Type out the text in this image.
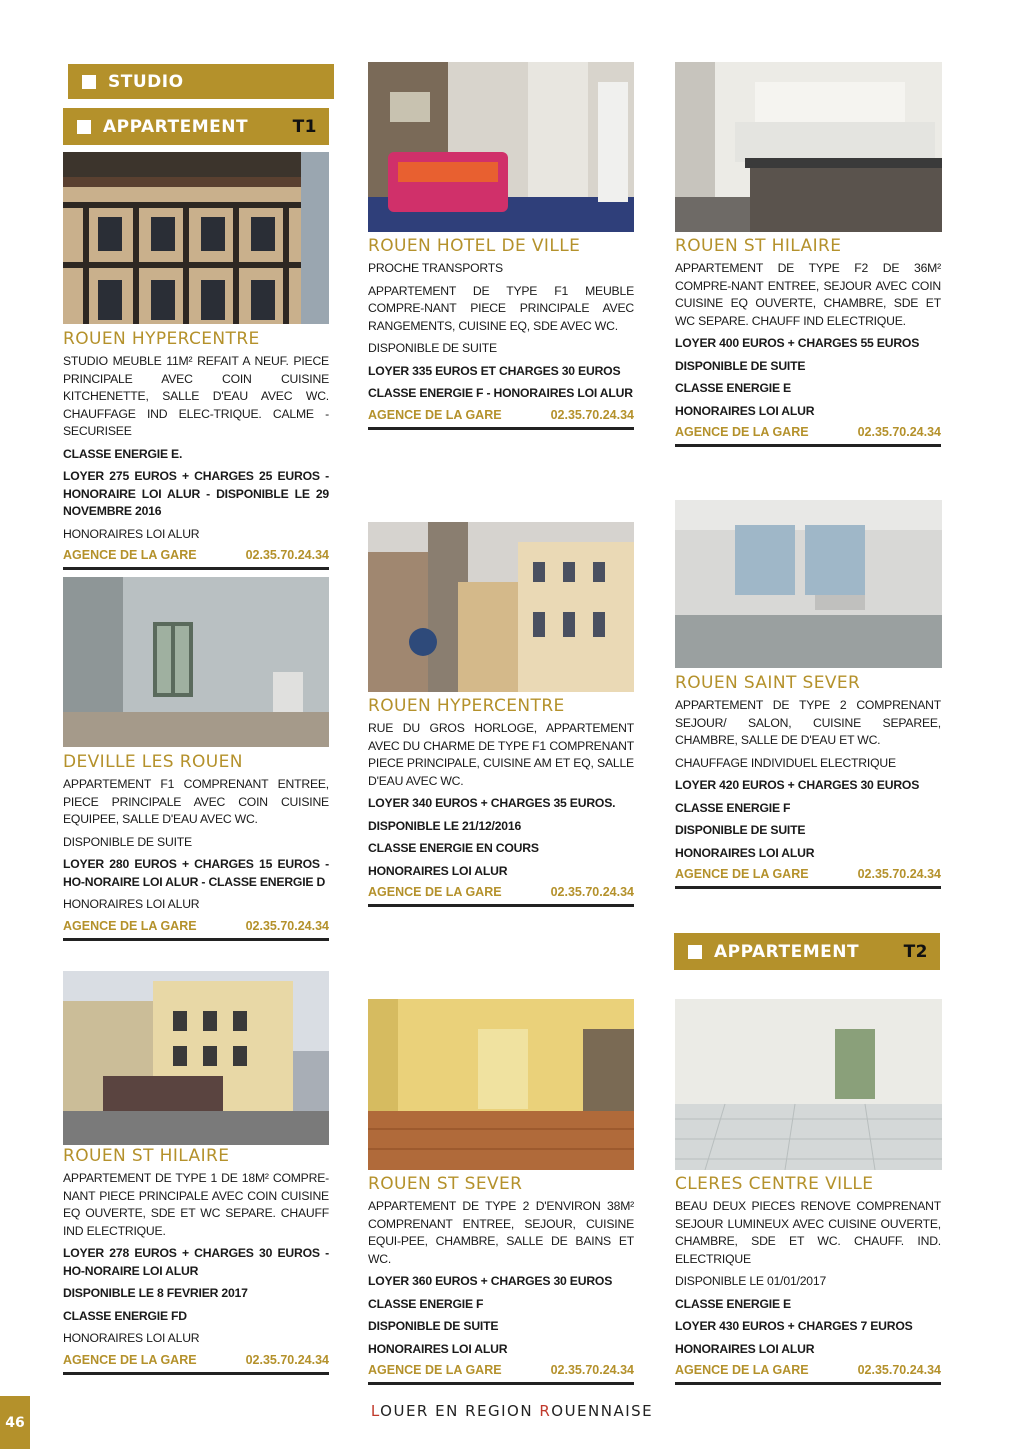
STUDIO
APPARTEMENT	T1
APPARTEMENT	T2
ROUEN HYPERCENTRE
STUDIO MEUBLE 11M² REFAIT A NEUF. PIECE PRINCIPALE AVEC COIN CUISINE KITCHENETTE, SALLE D'EAU AVEC WC. CHAUFFAGE IND ELEC-TRIQUE. CALME - SECURISEE
CLASSE ENERGIE E.
LOYER 275 EUROS + CHARGES 25 EUROS - HONORAIRE LOI ALUR - DISPONIBLE LE 29 NOVEMBRE 2016
HONORAIRES LOI ALUR
AGENCE DE LA GARE	02.35.70.24.34
ROUEN HOTEL DE VILLE
PROCHE TRANSPORTS
APPARTEMENT DE TYPE F1 MEUBLE COMPRE-NANT PIECE PRINCIPALE AVEC RANGEMENTS, CUISINE EQ, SDE AVEC WC.
DISPONIBLE DE SUITE
LOYER 335 EUROS ET CHARGES 30 EUROS
CLASSE ENERGIE F - HONORAIRES LOI ALUR
AGENCE DE LA GARE	02.35.70.24.34
ROUEN ST HILAIRE
APPARTEMENT DE TYPE F2 DE 36M² COMPRE-NANT ENTREE, SEJOUR AVEC COIN CUISINE EQ OUVERTE, CHAMBRE, SDE ET WC SEPARE. CHAUFF IND ELECTRIQUE.
LOYER 400 EUROS + CHARGES 55 EUROS
DISPONIBLE DE SUITE
CLASSE ENERGIE E
HONORAIRES LOI ALUR
AGENCE DE LA GARE	02.35.70.24.34
DEVILLE LES ROUEN
APPARTEMENT F1 COMPRENANT ENTREE, PIECE PRINCIPALE AVEC COIN CUISINE EQUIPEE, SALLE D'EAU AVEC WC.
DISPONIBLE DE SUITE
LOYER 280 EUROS + CHARGES 15 EUROS - HO-NORAIRE LOI ALUR - CLASSE ENERGIE D
HONORAIRES LOI ALUR
AGENCE DE LA GARE	02.35.70.24.34
ROUEN HYPERCENTRE
RUE DU GROS HORLOGE, APPARTEMENT AVEC DU CHARME DE TYPE F1 COMPRENANT PIECE PRINCIPALE, CUISINE AM ET EQ, SALLE D'EAU AVEC WC.
LOYER 340 EUROS + CHARGES 35 EUROS.
DISPONIBLE LE 21/12/2016
CLASSE ENERGIE EN COURS
HONORAIRES LOI ALUR
AGENCE DE LA GARE	02.35.70.24.34
ROUEN SAINT SEVER
APPARTEMENT DE TYPE 2 COMPRENANT SEJOUR/ SALON, CUISINE SEPAREE, CHAMBRE, SALLE DE D'EAU ET WC.
CHAUFFAGE INDIVIDUEL ELECTRIQUE
LOYER 420 EUROS + CHARGES 30 EUROS
CLASSE ENERGIE F
DISPONIBLE DE SUITE
HONORAIRES LOI ALUR
AGENCE DE LA GARE	02.35.70.24.34
ROUEN ST HILAIRE
APPARTEMENT DE TYPE 1 DE 18M² COMPRE-NANT PIECE PRINCIPALE AVEC COIN CUISINE EQ OUVERTE, SDE ET WC SEPARE. CHAUFF IND ELECTRIQUE.
LOYER 278 EUROS + CHARGES 30 EUROS - HO-NORAIRE LOI ALUR
DISPONIBLE LE 8 FEVRIER 2017
CLASSE ENERGIE FD
HONORAIRES LOI ALUR
AGENCE DE LA GARE	02.35.70.24.34
ROUEN ST SEVER
APPARTEMENT DE TYPE 2 D'ENVIRON 38M² COMPRENANT ENTREE, SEJOUR, CUISINE EQUI-PEE, CHAMBRE, SALLE DE BAINS ET WC.
LOYER 360 EUROS + CHARGES 30 EUROS
CLASSE ENERGIE F
DISPONIBLE DE SUITE
HONORAIRES LOI ALUR
AGENCE DE LA GARE	02.35.70.24.34
CLERES CENTRE VILLE
BEAU DEUX PIECES RENOVE COMPRENANT SEJOUR LUMINEUX AVEC CUISINE OUVERTE, CHAMBRE, SDE ET WC. CHAUFF. IND. ELECTRIQUE
DISPONIBLE LE 01/01/2017
CLASSE ENERGIE E
LOYER 430 EUROS + CHARGES 7 EUROS
HONORAIRES LOI ALUR
AGENCE DE LA GARE	02.35.70.24.34
LOUER EN REGION ROUENNAISE
46
